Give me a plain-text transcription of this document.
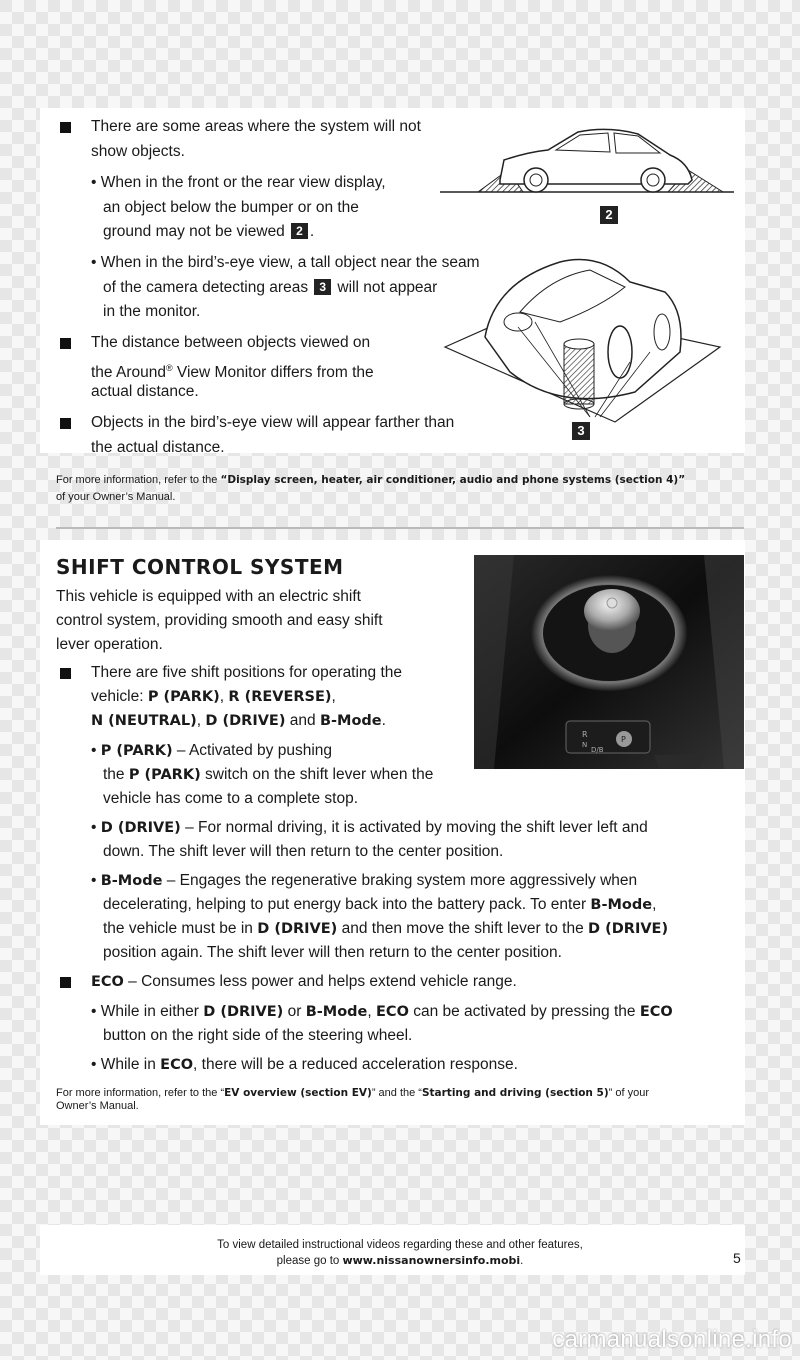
2
3
There are some areas where the system will not
show objects.
• When in the front or the rear view display,
an object below the bumper or on the
ground may not be viewed 2 .
• When in the bird’s-eye view, a tall object near the seam
of the camera detecting areas 3 will not appear
in the monitor.
The distance between objects viewed on
the Around® View Monitor differs from the
actual distance.
Objects in the bird’s-eye view will appear farther than
the actual distance.
For more information, refer to the “Display screen, heater, air conditioner, audio and phone systems (section 4)”
of your Owner’s Manual.
R
N
D/B
P
SHIFT CONTROL SYSTEM
This vehicle is equipped with an electric shift
control system, providing smooth and easy shift
lever operation.
There are five shift positions for operating the
vehicle: P (PARK), R (REVERSE),
N (NEUTRAL), D (DRIVE) and B-Mode.
• P (PARK) – Activated by pushing
the P (PARK) switch on the shift lever when the
vehicle has come to a complete stop.
• D (DRIVE) – For normal driving, it is activated by moving the shift lever left and
down. The shift lever will then return to the center position.
• B-Mode – Engages the regenerative braking system more aggressively when
decelerating, helping to put energy back into the battery pack. To enter B-Mode,
the vehicle must be in D (DRIVE) and then move the shift lever to the D (DRIVE)
position again. The shift lever will then return to the center position.
ECO – Consumes less power and helps extend vehicle range.
• While in either D (DRIVE) or B-Mode, ECO can be activated by pressing the ECO
button on the right side of the steering wheel.
• While in ECO, there will be a reduced acceleration response.
For more information, refer to the “EV overview (section EV)” and the “Starting and driving (section 5)” of your
Owner’s Manual.
To view detailed instructional videos regarding these and other features,
please go to www.nissanownersinfo.mobi.	5
carmanualsonline.info
